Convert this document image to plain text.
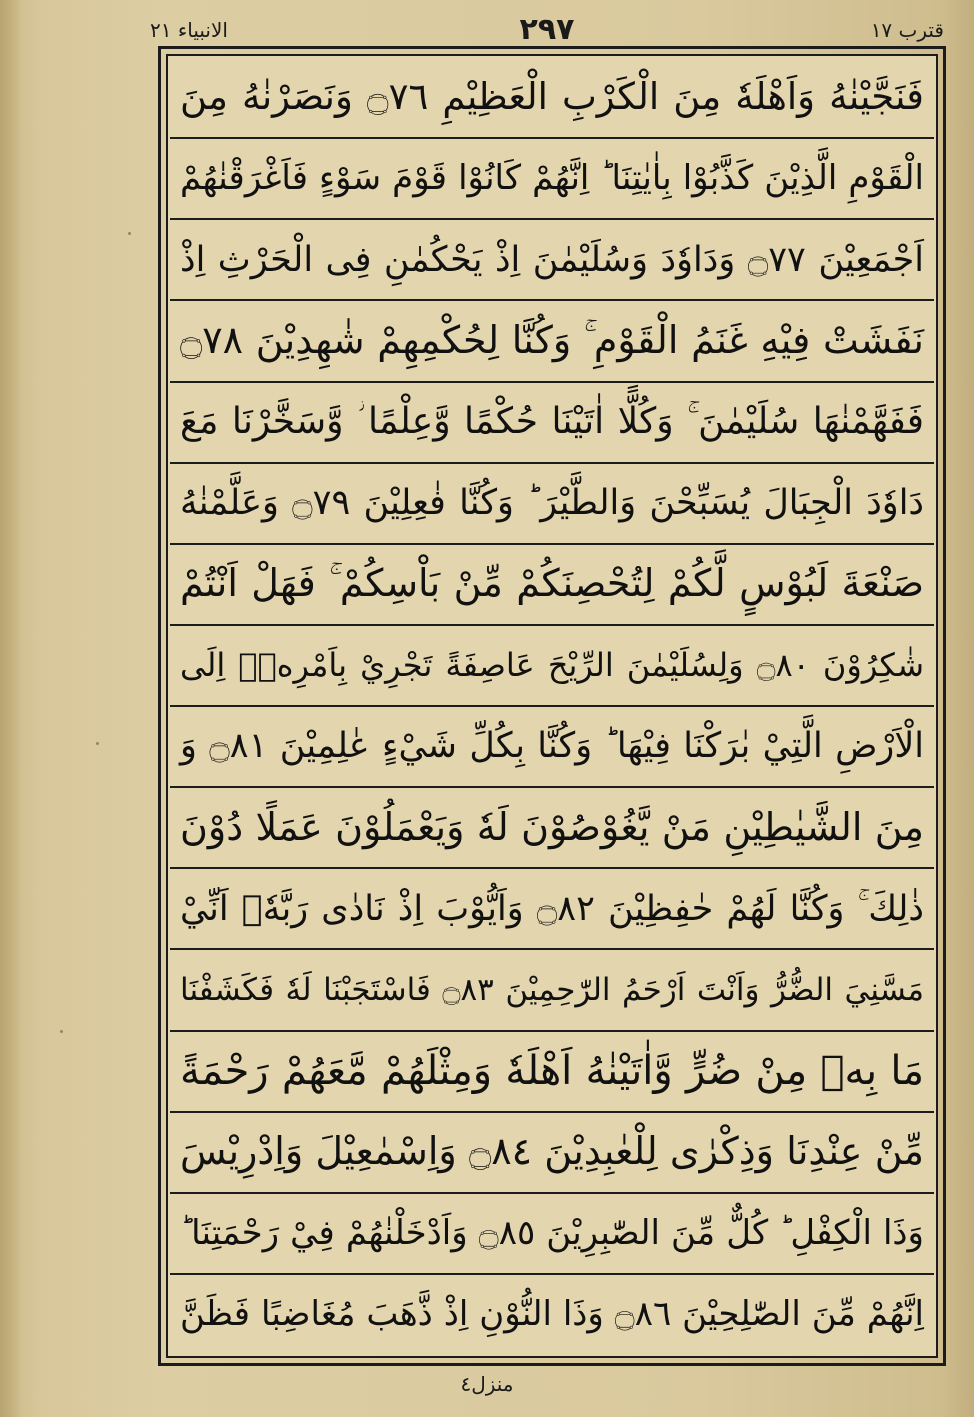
قترب ١٧
٢٩٧
الانبياء ٢١
فَنَجَّيْنٰهُ وَاَهْلَهٗ مِنَ الْكَرْبِ الْعَظِيْمِ ۝٧٦ وَنَصَرْنٰهُ مِنَ
الْقَوْمِ الَّذِيْنَ كَذَّبُوْا بِاٰيٰتِنَا ؕ اِنَّهُمْ كَانُوْا قَوْمَ سَوْءٍ فَاَغْرَقْنٰهُمْ
اَجْمَعِيْنَ ۝٧٧ وَدَاوٗدَ وَسُلَيْمٰنَ اِذْ يَحْكُمٰنِ فِى الْحَرْثِ اِذْ
نَفَشَتْ فِيْهِ غَنَمُ الْقَوْمِ ۚ وَكُنَّا لِحُكْمِهِمْ شٰهِدِيْنَ ۝٧٨
فَفَهَّمْنٰهَا سُلَيْمٰنَ ۚ وَكُلًّا اٰتَيْنَا حُكْمًا وَّعِلْمًا ؗ وَّسَخَّرْنَا مَعَ
دَاوٗدَ الْجِبَالَ يُسَبِّحْنَ وَالطَّيْرَ ؕ وَكُنَّا فٰعِلِيْنَ ۝٧٩ وَعَلَّمْنٰهُ
صَنْعَةَ لَبُوْسٍ لَّكُمْ لِتُحْصِنَكُمْ مِّنْ بَاْسِكُمْ ۚ فَهَلْ اَنْتُمْ
شٰكِرُوْنَ ۝٨٠ وَلِسُلَيْمٰنَ الرِّيْحَ عَاصِفَةً تَجْرِيْ بِاَمْرِهٖۤ اِلَى
الْاَرْضِ الَّتِيْ بٰرَكْنَا فِيْهَا ؕ وَكُنَّا بِكُلِّ شَيْءٍ عٰلِمِيْنَ ۝٨١ وَ
مِنَ الشَّيٰطِيْنِ مَنْ يَّغُوْصُوْنَ لَهٗ وَيَعْمَلُوْنَ عَمَلًا دُوْنَ
ذٰلِكَ ۚ وَكُنَّا لَهُمْ حٰفِظِيْنَ ۝٨٢ وَاَيُّوْبَ اِذْ نَادٰى رَبَّهٗۤ اَنِّيْ
مَسَّنِيَ الضُّرُّ وَاَنْتَ اَرْحَمُ الرّٰحِمِيْنَ ۝٨٣ فَاسْتَجَبْنَا لَهٗ فَكَشَفْنَا
مَا بِهٖ مِنْ ضُرٍّ وَّاٰتَيْنٰهُ اَهْلَهٗ وَمِثْلَهُمْ مَّعَهُمْ رَحْمَةً
مِّنْ عِنْدِنَا وَذِكْرٰى لِلْعٰبِدِيْنَ ۝٨٤ وَاِسْمٰعِيْلَ وَاِدْرِيْسَ
وَذَا الْكِفْلِ ؕ كُلٌّ مِّنَ الصّٰبِرِيْنَ ۝٨٥ وَاَدْخَلْنٰهُمْ فِيْ رَحْمَتِنَا ؕ
اِنَّهُمْ مِّنَ الصّٰلِحِيْنَ ۝٨٦ وَذَا النُّوْنِ اِذْ ذَّهَبَ مُغَاضِبًا فَظَنَّ
منزل٤
